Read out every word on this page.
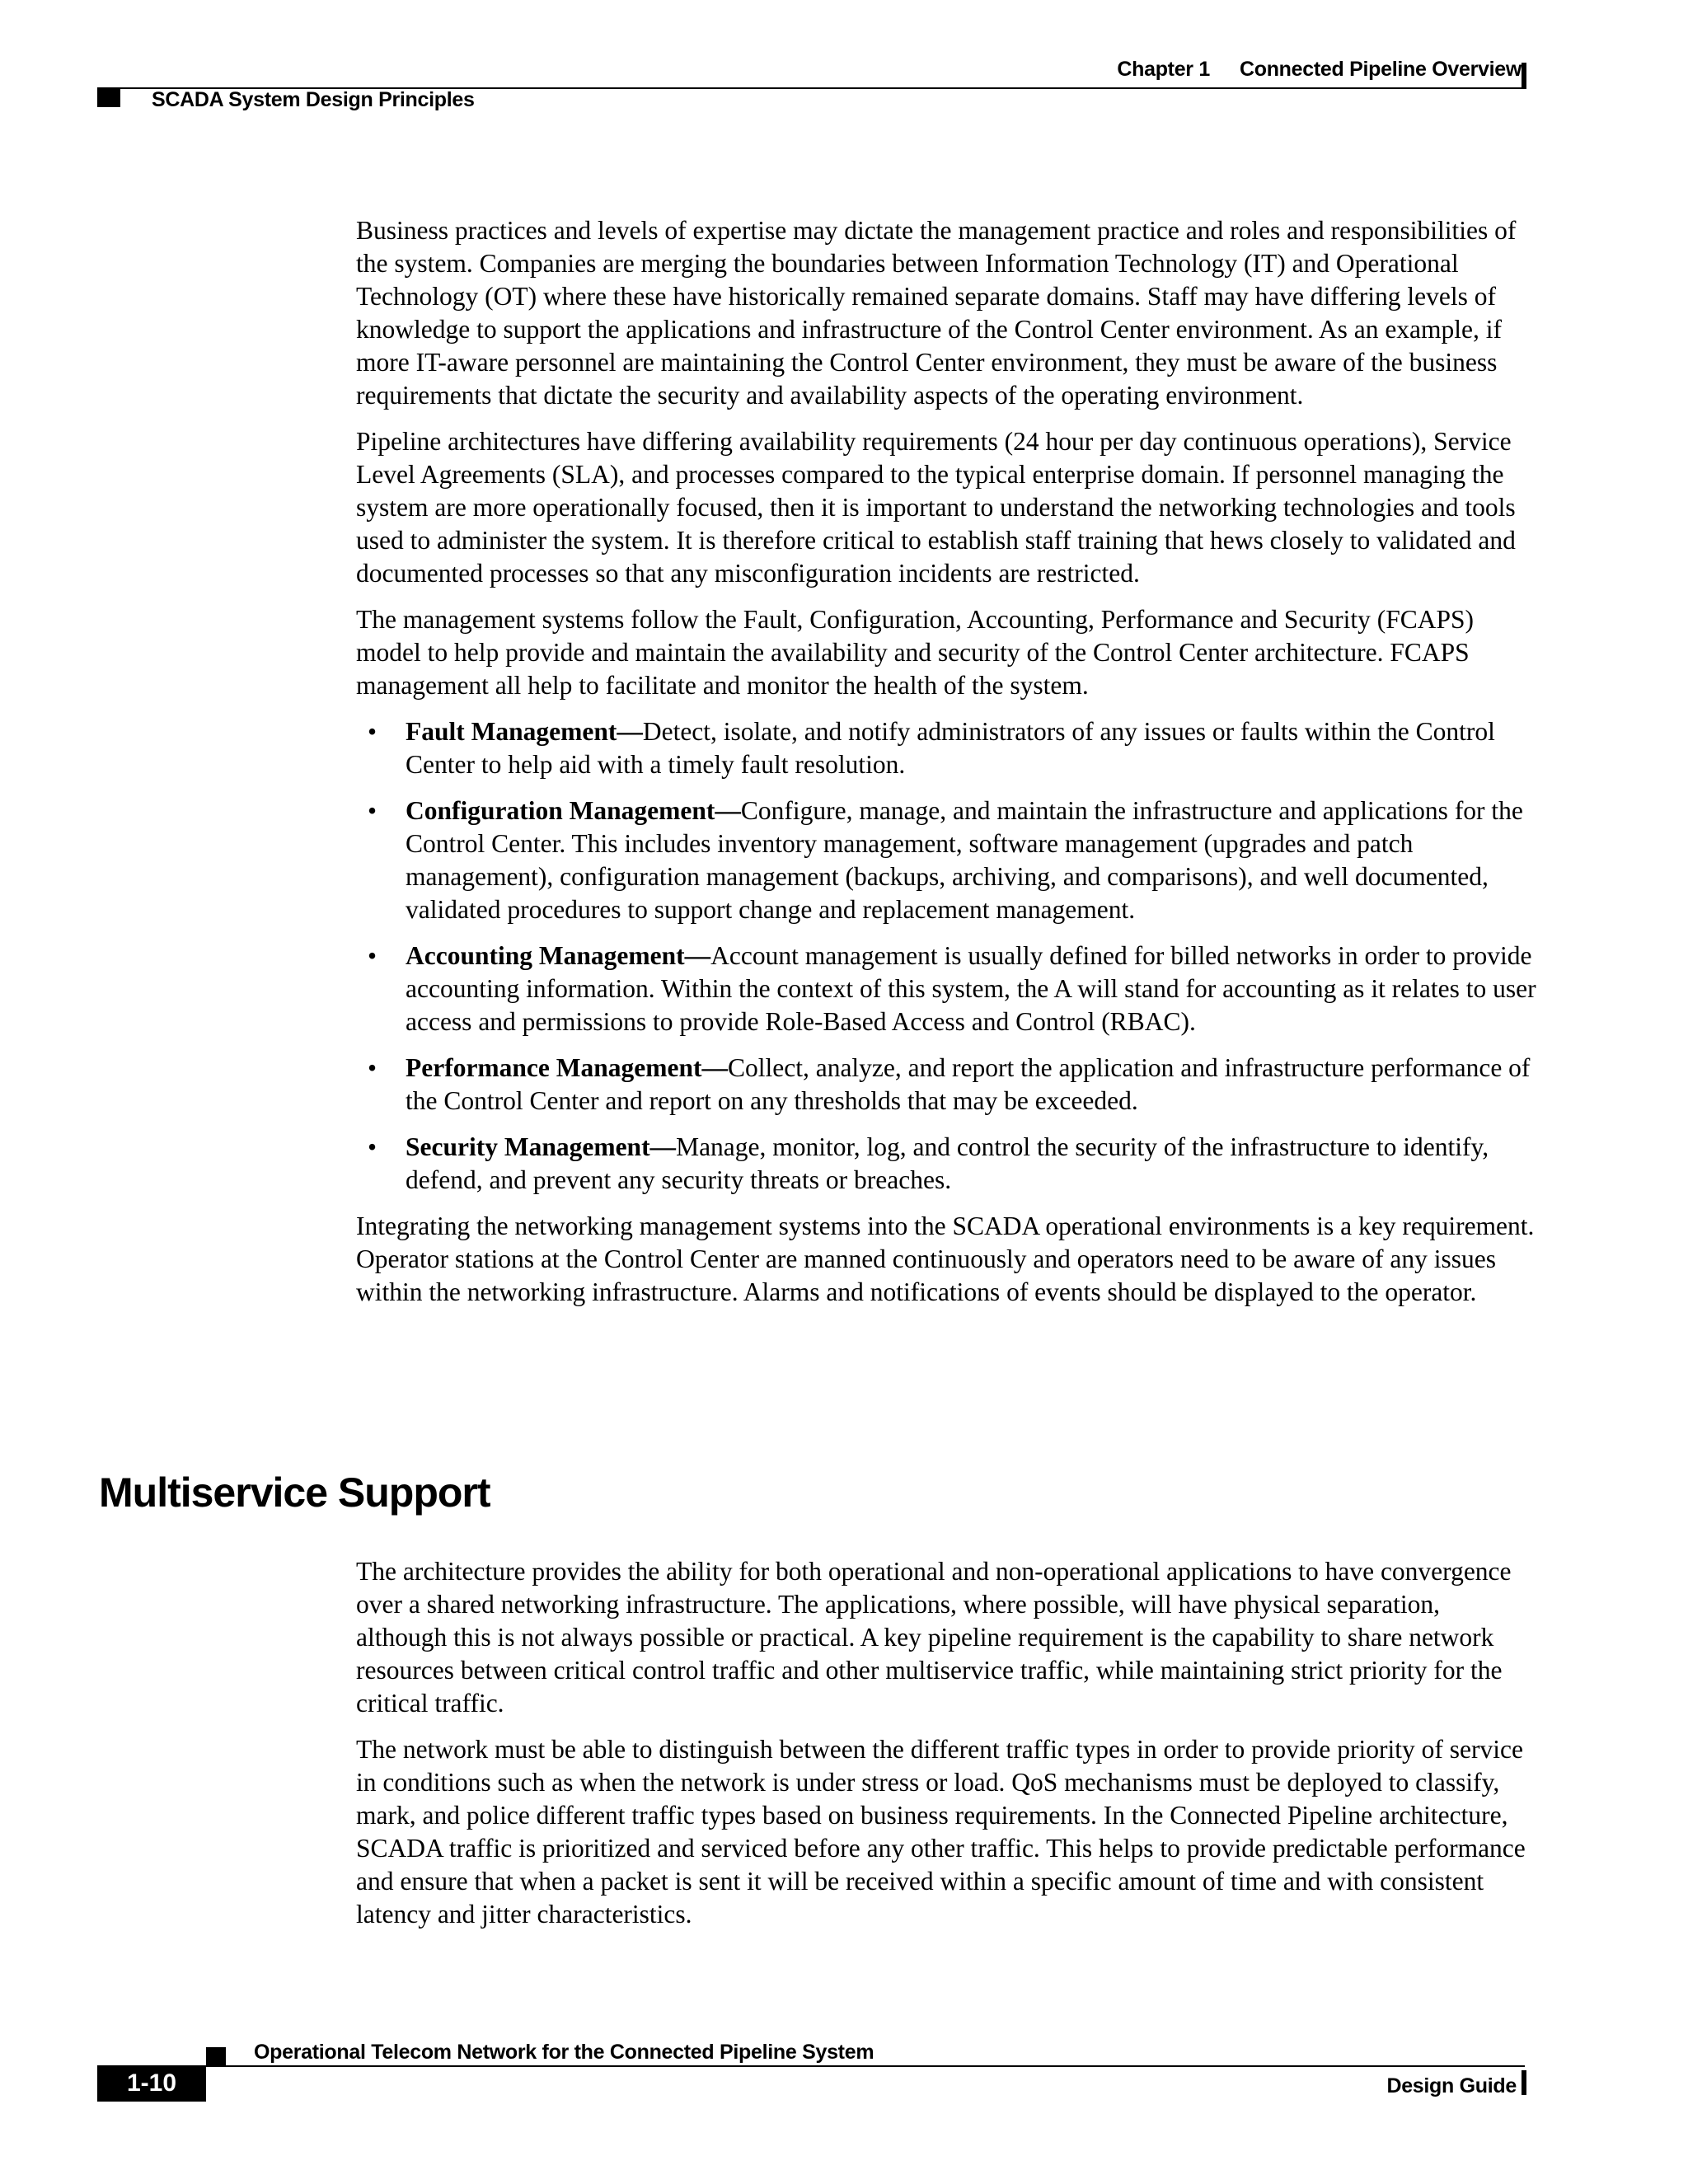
Chapter 1 Connected Pipeline Overview
SCADA System Design Principles

Business practices and levels of expertise may dictate the management practice and roles and responsibilities of the system. Companies are merging the boundaries between Information Technology (IT) and Operational Technology (OT) where these have historically remained separate domains. Staff may have differing levels of knowledge to support the applications and infrastructure of the Control Center environment. As an example, if more IT-aware personnel are maintaining the Control Center environment, they must be aware of the business requirements that dictate the security and availability aspects of the operating environment.

Pipeline architectures have differing availability requirements (24 hour per day continuous operations), Service Level Agreements (SLA), and processes compared to the typical enterprise domain. If personnel managing the system are more operationally focused, then it is important to understand the networking technologies and tools used to administer the system. It is therefore critical to establish staff training that hews closely to validated and documented processes so that any misconfiguration incidents are restricted.

The management systems follow the Fault, Configuration, Accounting, Performance and Security (FCAPS) model to help provide and maintain the availability and security of the Control Center architecture. FCAPS management all help to facilitate and monitor the health of the system.

• Fault Management—Detect, isolate, and notify administrators of any issues or faults within the Control Center to help aid with a timely fault resolution.
• Configuration Management—Configure, manage, and maintain the infrastructure and applications for the Control Center. This includes inventory management, software management (upgrades and patch management), configuration management (backups, archiving, and comparisons), and well documented, validated procedures to support change and replacement management.
• Accounting Management—Account management is usually defined for billed networks in order to provide accounting information. Within the context of this system, the A will stand for accounting as it relates to user access and permissions to provide Role-Based Access and Control (RBAC).
• Performance Management—Collect, analyze, and report the application and infrastructure performance of the Control Center and report on any thresholds that may be exceeded.
• Security Management—Manage, monitor, log, and control the security of the infrastructure to identify, defend, and prevent any security threats or breaches.

Integrating the networking management systems into the SCADA operational environments is a key requirement. Operator stations at the Control Center are manned continuously and operators need to be aware of any issues within the networking infrastructure. Alarms and notifications of events should be displayed to the operator.

Multiservice Support

The architecture provides the ability for both operational and non-operational applications to have convergence over a shared networking infrastructure. The applications, where possible, will have physical separation, although this is not always possible or practical. A key pipeline requirement is the capability to share network resources between critical control traffic and other multiservice traffic, while maintaining strict priority for the critical traffic.

The network must be able to distinguish between the different traffic types in order to provide priority of service in conditions such as when the network is under stress or load. QoS mechanisms must be deployed to classify, mark, and police different traffic types based on business requirements. In the Connected Pipeline architecture, SCADA traffic is prioritized and serviced before any other traffic. This helps to provide predictable performance and ensure that when a packet is sent it will be received within a specific amount of time and with consistent latency and jitter characteristics.

Operational Telecom Network for the Connected Pipeline System
1-10	Design Guide
